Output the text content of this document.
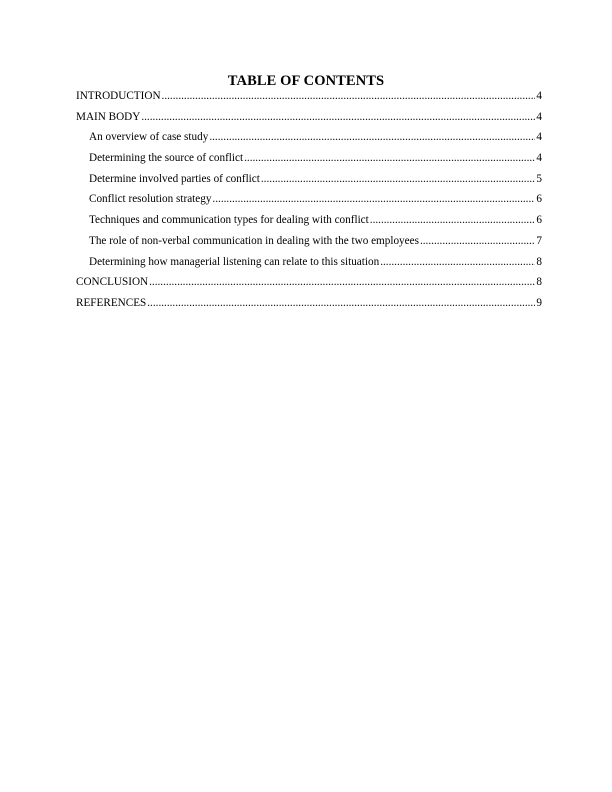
TABLE OF CONTENTS
INTRODUCTION .....	4
MAIN BODY .....	4
An overview of case study .....	4
Determining the source of conflict .....	4
Determine involved parties of conflict .....	5
Conflict resolution strategy .....	6
Techniques and communication types for dealing with conflict .....	6
The role of non-verbal communication in dealing with the two employees .....	7
Determining how managerial listening can relate to this situation .....	8
CONCLUSION .....	8
REFERENCES .....	9
